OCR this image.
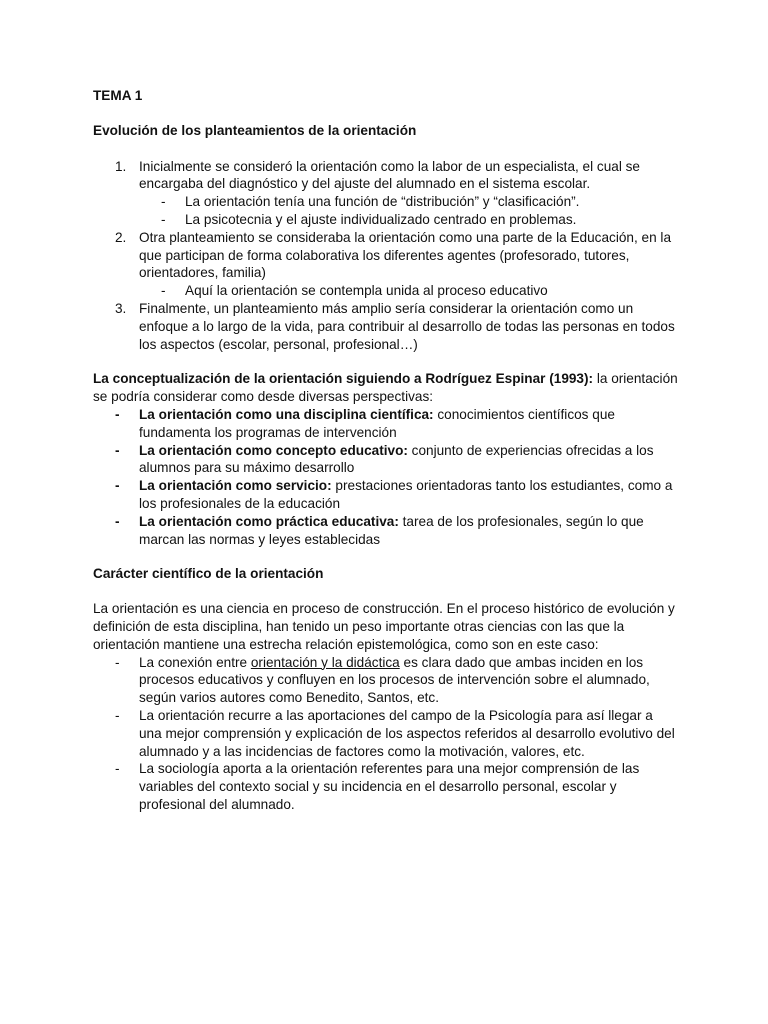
TEMA 1

Evolución de los planteamientos de la orientación

1. Inicialmente se consideró la orientación como la labor de un especialista, el cual se encargaba del diagnóstico y del ajuste del alumnado en el sistema escolar.
- La orientación tenía una función de “distribución” y “clasificación”.
- La psicotecnia y el ajuste individualizado centrado en problemas.
2. Otra planteamiento se consideraba la orientación como una parte de la Educación, en la que participan de forma colaborativa los diferentes agentes (profesorado, tutores, orientadores, familia)
- Aquí la orientación se contempla unida al proceso educativo
3. Finalmente, un planteamiento más amplio sería considerar la orientación como un enfoque a lo largo de la vida, para contribuir al desarrollo de todas las personas en todos los aspectos (escolar, personal, profesional…)

La conceptualización de la orientación siguiendo a Rodríguez Espinar (1993): la orientación se podría considerar como desde diversas perspectivas:

- La orientación como una disciplina científica: conocimientos científicos que fundamenta los programas de intervención
- La orientación como concepto educativo: conjunto de experiencias ofrecidas a los alumnos para su máximo desarrollo
- La orientación como servicio: prestaciones orientadoras tanto los estudiantes, como a los profesionales de la educación
- La orientación como práctica educativa: tarea de los profesionales, según lo que marcan las normas y leyes establecidas

Carácter científico de la orientación

La orientación es una ciencia en proceso de construcción. En el proceso histórico de evolución y definición de esta disciplina, han tenido un peso importante otras ciencias con las que la orientación mantiene una estrecha relación epistemológica, como son en este caso:

- La conexión entre orientación y la didáctica es clara dado que ambas inciden en los procesos educativos y confluyen en los procesos de intervención sobre el alumnado, según varios autores como Benedito, Santos, etc.
- La orientación recurre a las aportaciones del campo de la Psicología para así llegar a una mejor comprensión y explicación de los aspectos referidos al desarrollo evolutivo del alumnado y a las incidencias de factores como la motivación, valores, etc.
- La sociología aporta a la orientación referentes para una mejor comprensión de las variables del contexto social y su incidencia en el desarrollo personal, escolar y profesional del alumnado.
